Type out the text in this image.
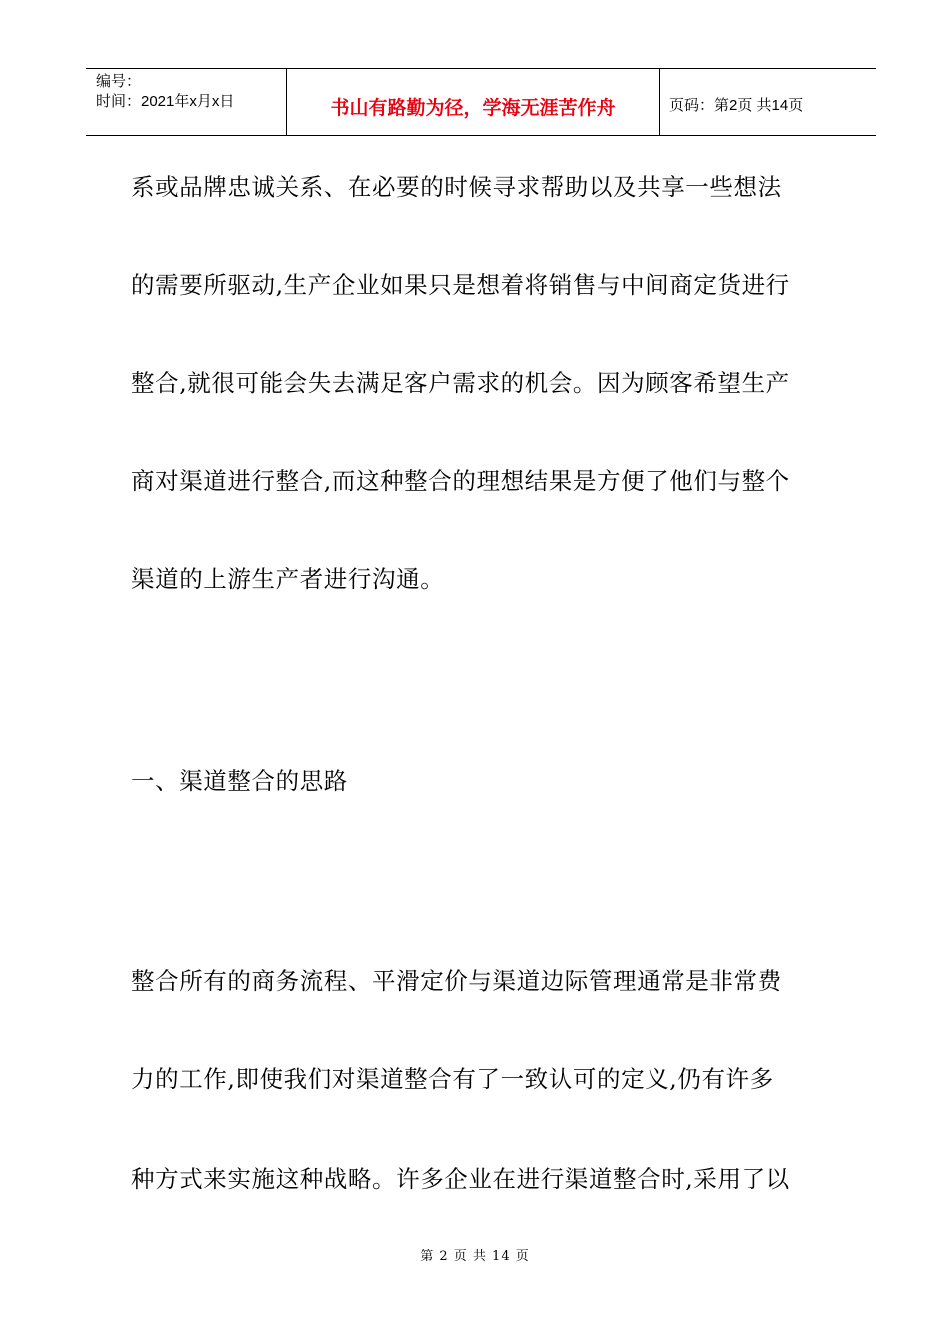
编号：
时间：2021年x月x日	书山有路勤为径，学海无涯苦作舟	页码：第2页 共14页
系或品牌忠诚关系、在必要的时候寻求帮助以及共享一些想法
的需要所驱动,生产企业如果只是想着将销售与中间商定货进行
整合,就很可能会失去满足客户需求的机会。因为顾客希望生产
商对渠道进行整合,而这种整合的理想结果是方便了他们与整个
渠道的上游生产者进行沟通。
一、渠道整合的思路
整合所有的商务流程、平滑定价与渠道边际管理通常是非常费
力的工作,即使我们对渠道整合有了一致认可的定义,仍有许多
种方式来实施这种战略。许多企业在进行渠道整合时,采用了以
第 2 页 共 14 页
